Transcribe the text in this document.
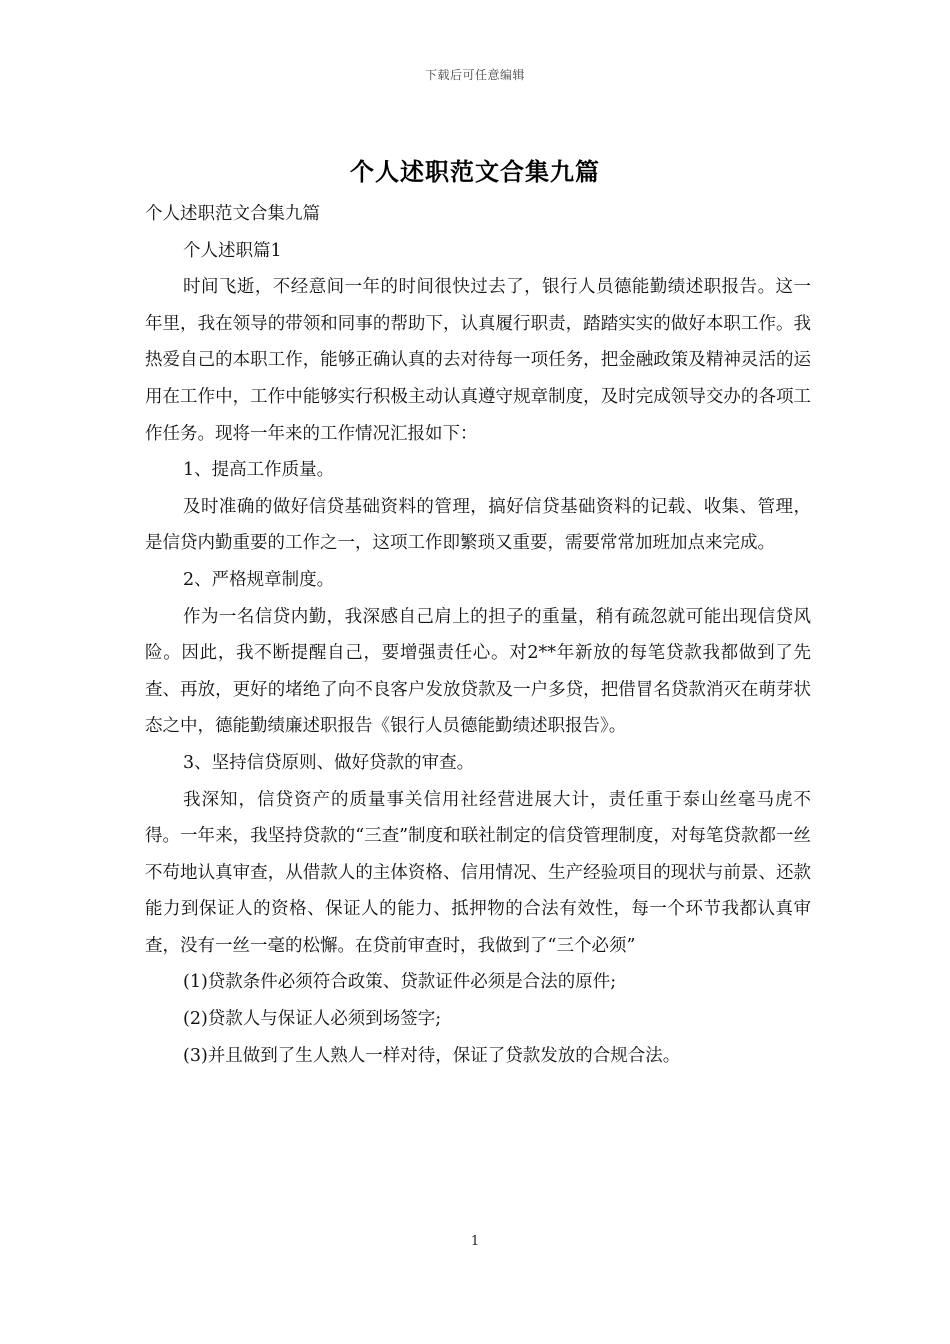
下载后可任意编辑
个人述职范文合集九篇

个人述职范文合集九篇

个人述职篇1

时间飞逝，不经意间一年的时间很快过去了，银行人员德能勤绩述职报告。这一年里，我在领导的带领和同事的帮助下，认真履行职责，踏踏实实的做好本职工作。我热爱自己的本职工作，能够正确认真的去对待每一项任务，把金融政策及精神灵活的运用在工作中，工作中能够实行积极主动认真遵守规章制度，及时完成领导交办的各项工作任务。现将一年来的工作情况汇报如下：

1、提高工作质量。

及时准确的做好信贷基础资料的管理，搞好信贷基础资料的记载、收集、管理，是信贷内勤重要的工作之一，这项工作即繁琐又重要，需要常常加班加点来完成。

2、严格规章制度。

作为一名信贷内勤，我深感自己肩上的担子的重量，稍有疏忽就可能出现信贷风险。因此，我不断提醒自己，要增强责任心。对2**年新放的每笔贷款我都做到了先查、再放，更好的堵绝了向不良客户发放贷款及一户多贷，把借冒名贷款消灭在萌芽状态之中，德能勤绩廉述职报告《银行人员德能勤绩述职报告》。

3、坚持信贷原则、做好贷款的审查。

我深知，信贷资产的质量事关信用社经营进展大计，责任重于泰山丝毫马虎不得。一年来，我坚持贷款的“三查”制度和联社制定的信贷管理制度，对每笔贷款都一丝不苟地认真审查，从借款人的主体资格、信用情况、生产经验项目的现状与前景、还款能力到保证人的资格、保证人的能力、抵押物的合法有效性，每一个环节我都认真审查，没有一丝一毫的松懈。在贷前审查时，我做到了“三个必须”

(1)贷款条件必须符合政策、贷款证件必须是合法的原件;

(2)贷款人与保证人必须到场签字;

(3)并且做到了生人熟人一样对待，保证了贷款发放的合规合法。

1
